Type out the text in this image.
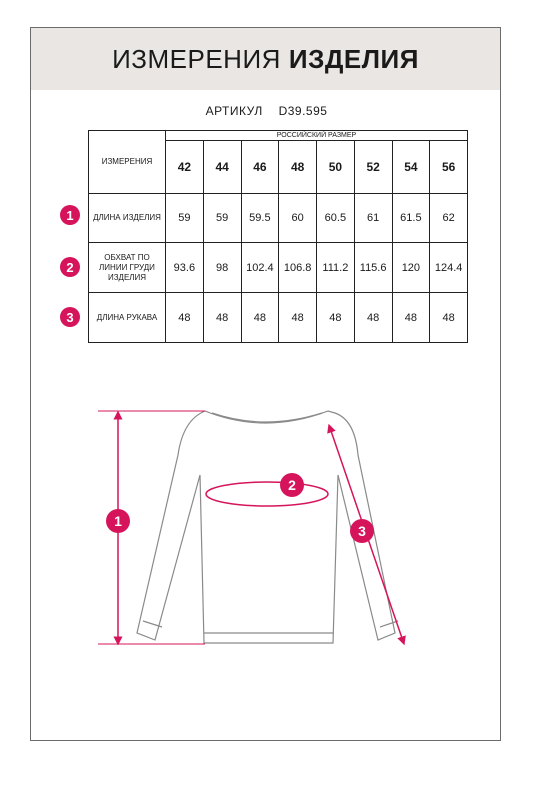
ИЗМЕРЕНИЯ ИЗДЕЛИЯ
АРТИКУЛ D39.595
ИЗМЕРЕНИЯ	РОССИЙСКИЙ РАЗМЕР							
	42	44	46	48	50	52	54	56
ДЛИНА ИЗДЕЛИЯ	59	59	59.5	60	60.5	61	61.5	62
ОБХВАТ ПО ЛИНИИ ГРУДИ ИЗДЕЛИЯ	93.6	98	102.4	106.8	111.2	115.6	120	124.4
ДЛИНА РУКАВА	48	48	48	48	48	48	48	48
1
2
3
1
2
3
